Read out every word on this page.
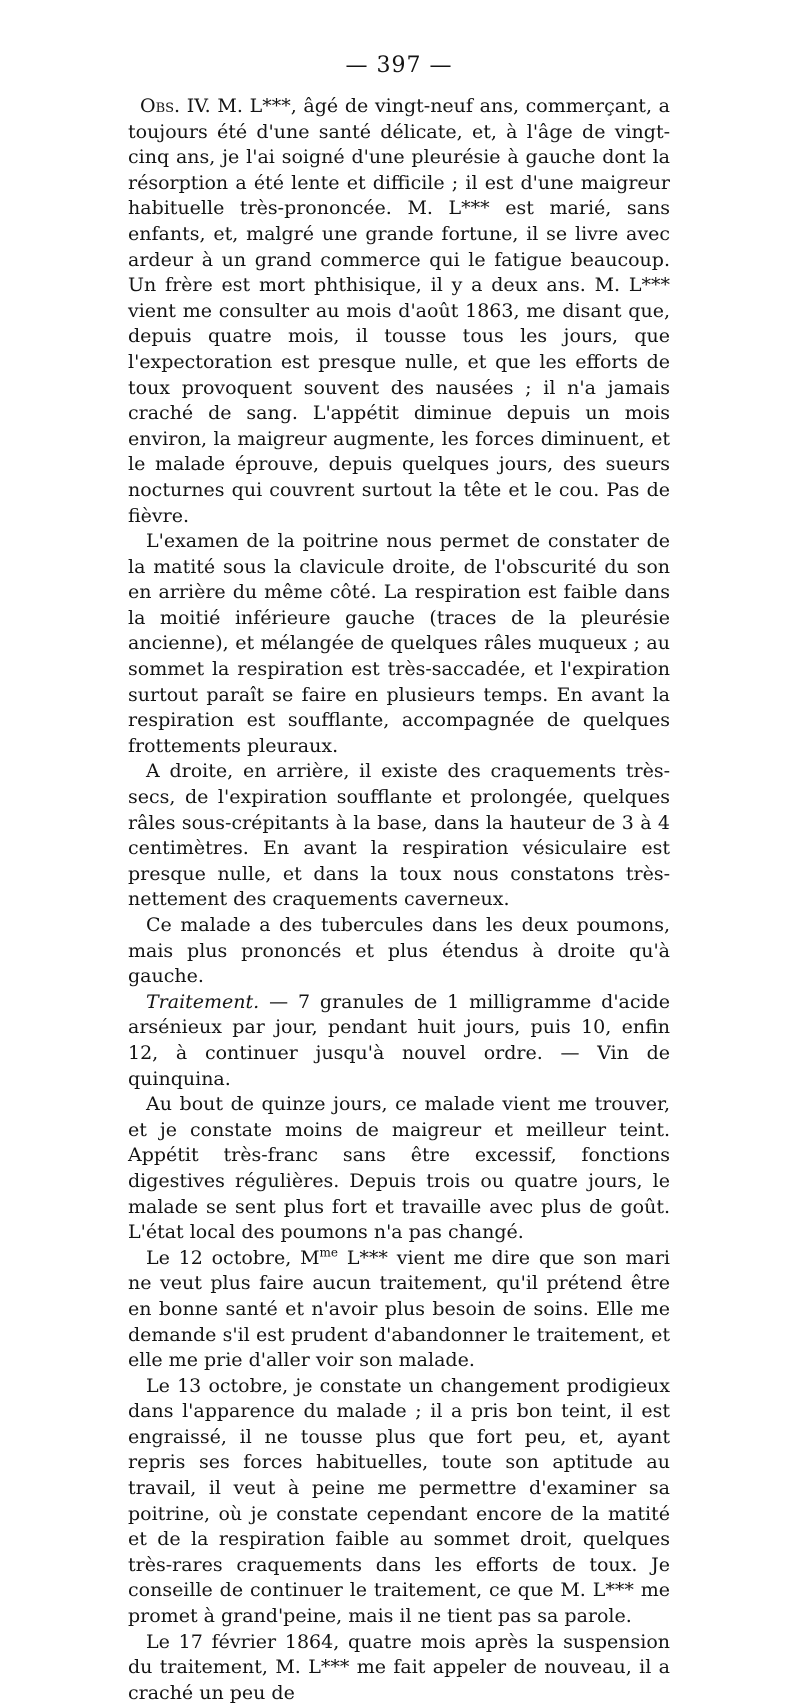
— 397 —

Obs. IV. M. L***, âgé de vingt-neuf ans, commerçant, a toujours été d'une santé délicate, et, à l'âge de vingt-cinq ans, je l'ai soigné d'une pleurésie à gauche dont la résorption a été lente et difficile ; il est d'une maigreur habituelle très-prononcée. M. L*** est marié, sans enfants, et, malgré une grande fortune, il se livre avec ardeur à un grand commerce qui le fatigue beaucoup. Un frère est mort phthisique, il y a deux ans. M. L*** vient me consulter au mois d'août 1863, me disant que, depuis quatre mois, il tousse tous les jours, que l'expectoration est presque nulle, et que les efforts de toux provoquent souvent des nausées ; il n'a jamais craché de sang. L'appétit diminue depuis un mois environ, la maigreur augmente, les forces diminuent, et le malade éprouve, depuis quelques jours, des sueurs nocturnes qui couvrent surtout la tête et le cou. Pas de fièvre.

L'examen de la poitrine nous permet de constater de la matité sous la clavicule droite, de l'obscurité du son en arrière du même côté. La respiration est faible dans la moitié inférieure gauche (traces de la pleurésie ancienne), et mélangée de quelques râles muqueux ; au sommet la respiration est très-saccadée, et l'expiration surtout paraît se faire en plusieurs temps. En avant la respiration est soufflante, accompagnée de quelques frottements pleuraux.

A droite, en arrière, il existe des craquements très-secs, de l'expiration soufflante et prolongée, quelques râles sous-crépitants à la base, dans la hauteur de 3 à 4 centimètres. En avant la respiration vésiculaire est presque nulle, et dans la toux nous constatons très-nettement des craquements caverneux.

Ce malade a des tubercules dans les deux poumons, mais plus prononcés et plus étendus à droite qu'à gauche.

Traitement. — 7 granules de 1 milligramme d'acide arsénieux par jour, pendant huit jours, puis 10, enfin 12, à continuer jusqu'à nouvel ordre. — Vin de quinquina.

Au bout de quinze jours, ce malade vient me trouver, et je constate moins de maigreur et meilleur teint. Appétit très-franc sans être excessif, fonctions digestives régulières. Depuis trois ou quatre jours, le malade se sent plus fort et travaille avec plus de goût. L'état local des poumons n'a pas changé.

Le 12 octobre, $M^{me}$ L*** vient me dire que son mari ne veut plus faire aucun traitement, qu'il prétend être en bonne santé et n'avoir plus besoin de soins. Elle me demande s'il est prudent d'abandonner le traitement, et elle me prie d'aller voir son malade.

Le 13 octobre, je constate un changement prodigieux dans l'apparence du malade ; il a pris bon teint, il est engraissé, il ne tousse plus que fort peu, et, ayant repris ses forces habituelles, toute son aptitude au travail, il veut à peine me permettre d'examiner sa poitrine, où je constate cependant encore de la matité et de la respiration faible au sommet droit, quelques très-rares craquements dans les efforts de toux. Je conseille de continuer le traitement, ce que M. L*** me promet à grand'peine, mais il ne tient pas sa parole.

Le 17 février 1864, quatre mois après la suspension du traitement, M. L*** me fait appeler de nouveau, il a craché un peu de
